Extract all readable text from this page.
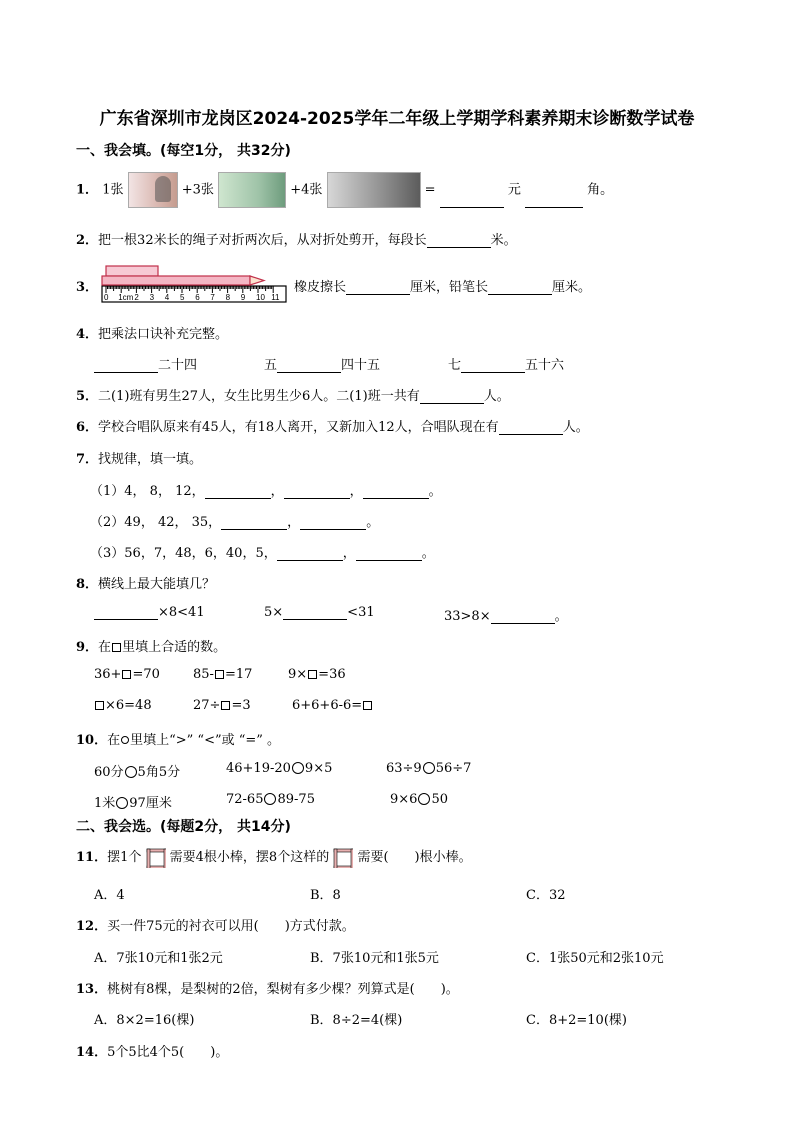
广东省深圳市龙岗区2024-2025学年二年级上学期学科素养期末诊断数学试卷
一、我会填。(每空1分， 共32分)
1． 1张	+3张	+4张	=	元	角。
2．把一根32米长的绳子对折两次后，从对折处剪开，每段长	米。
3．
0 1cm 2 3 4 5 6 7 8 9 10 11
橡皮擦长	厘米，铅笔长	厘米。
4．把乘法口诀补充完整。
二十四	五	四十五	七	五十六
5．二(1)班有男生27人，女生比男生少6人。二(1)班一共有	人。
6．学校合唱队原来有45人，有18人离开，又新加入12人，合唱队现在有	人。
7．找规律，填一填。
（1）4， 8， 12，	，	，	。
（2）49， 42， 35，	，	。
（3）56，7，48，6，40，5，	，	。
8．横线上最大能填几？
×8<41	5×	<31	33>8×	。
9．在 里填上合适的数。
36+ =70	85- =17	9× =36
×6=48	27÷ =3	6+6+6-6=
10．在 里填上“>” “<”或 “=” 。
60分 5角5分	46+19-20 9×5	63÷9 56÷7
1米 97厘米	72-65 89-75	9×6 50
二、我会选。(每题2分， 共14分)
11．摆1个 需要4根小棒，摆8个这样的 需要(　　)根小棒。
A．4	B．8	C．32
12．买一件75元的衬衣可以用(　　)方式付款。
A．7张10元和1张2元	B．7张10元和1张5元	C．1张50元和2张10元
13．桃树有8棵，是梨树的2倍，梨树有多少棵？列算式是(　　)。
A．8×2=16(棵)	B．8÷2=4(棵)	C．8+2=10(棵)
14．5个5比4个5(　　)。
